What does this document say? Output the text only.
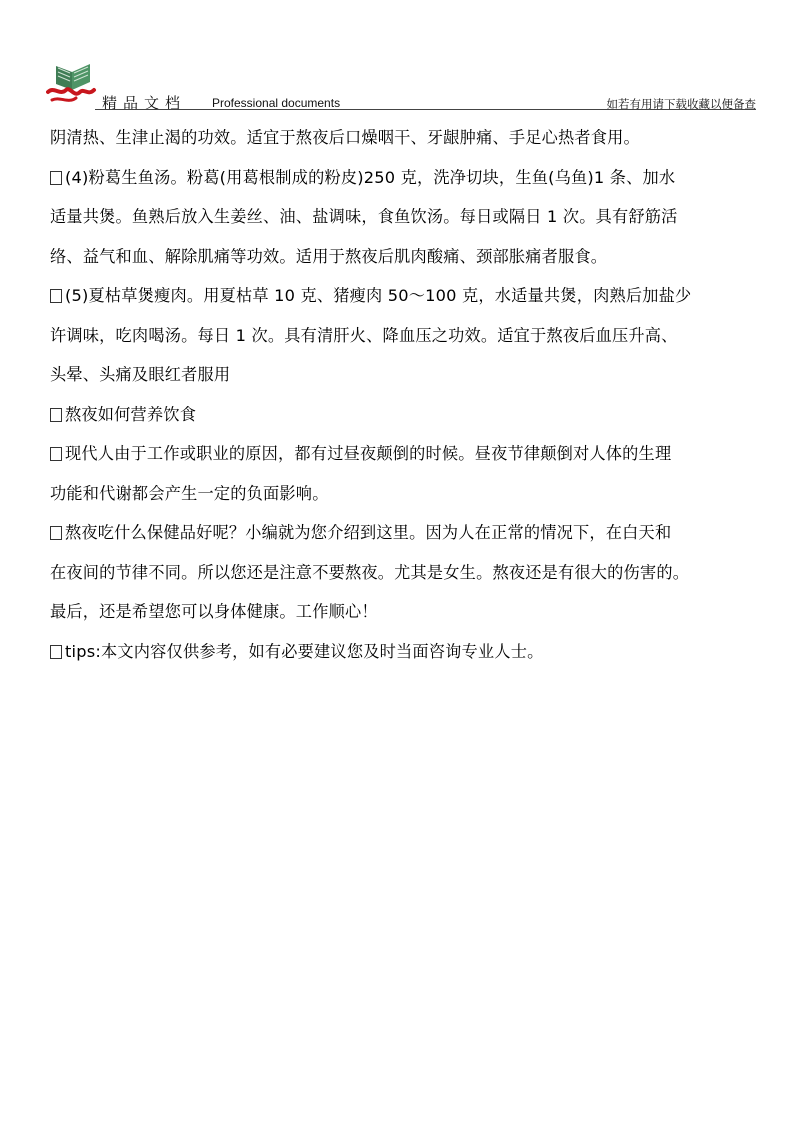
精品文档 Professional documents	如若有用请下载收藏以便备查
阴清热、生津止渴的功效。适宜于熬夜后口燥咽干、牙龈肿痛、手足心热者食用。
(4)粉葛生鱼汤。粉葛(用葛根制成的粉皮)250 克，洗净切块，生鱼(乌鱼)1 条、加水
适量共煲。鱼熟后放入生姜丝、油、盐调味，食鱼饮汤。每日或隔日 1 次。具有舒筋活
络、益气和血、解除肌痛等功效。适用于熬夜后肌肉酸痛、颈部胀痛者服食。
(5)夏枯草煲瘦肉。用夏枯草 10 克、猪瘦肉 50～100 克，水适量共煲，肉熟后加盐少
许调味，吃肉喝汤。每日 1 次。具有清肝火、降血压之功效。适宜于熬夜后血压升高、
头晕、头痛及眼红者服用
熬夜如何营养饮食
现代人由于工作或职业的原因，都有过昼夜颠倒的时候。昼夜节律颠倒对人体的生理
功能和代谢都会产生一定的负面影响。
熬夜吃什么保健品好呢？小编就为您介绍到这里。因为人在正常的情况下，在白天和
在夜间的节律不同。所以您还是注意不要熬夜。尤其是女生。熬夜还是有很大的伤害的。
最后，还是希望您可以身体健康。工作顺心！
tips:本文内容仅供参考，如有必要建议您及时当面咨询专业人士。
